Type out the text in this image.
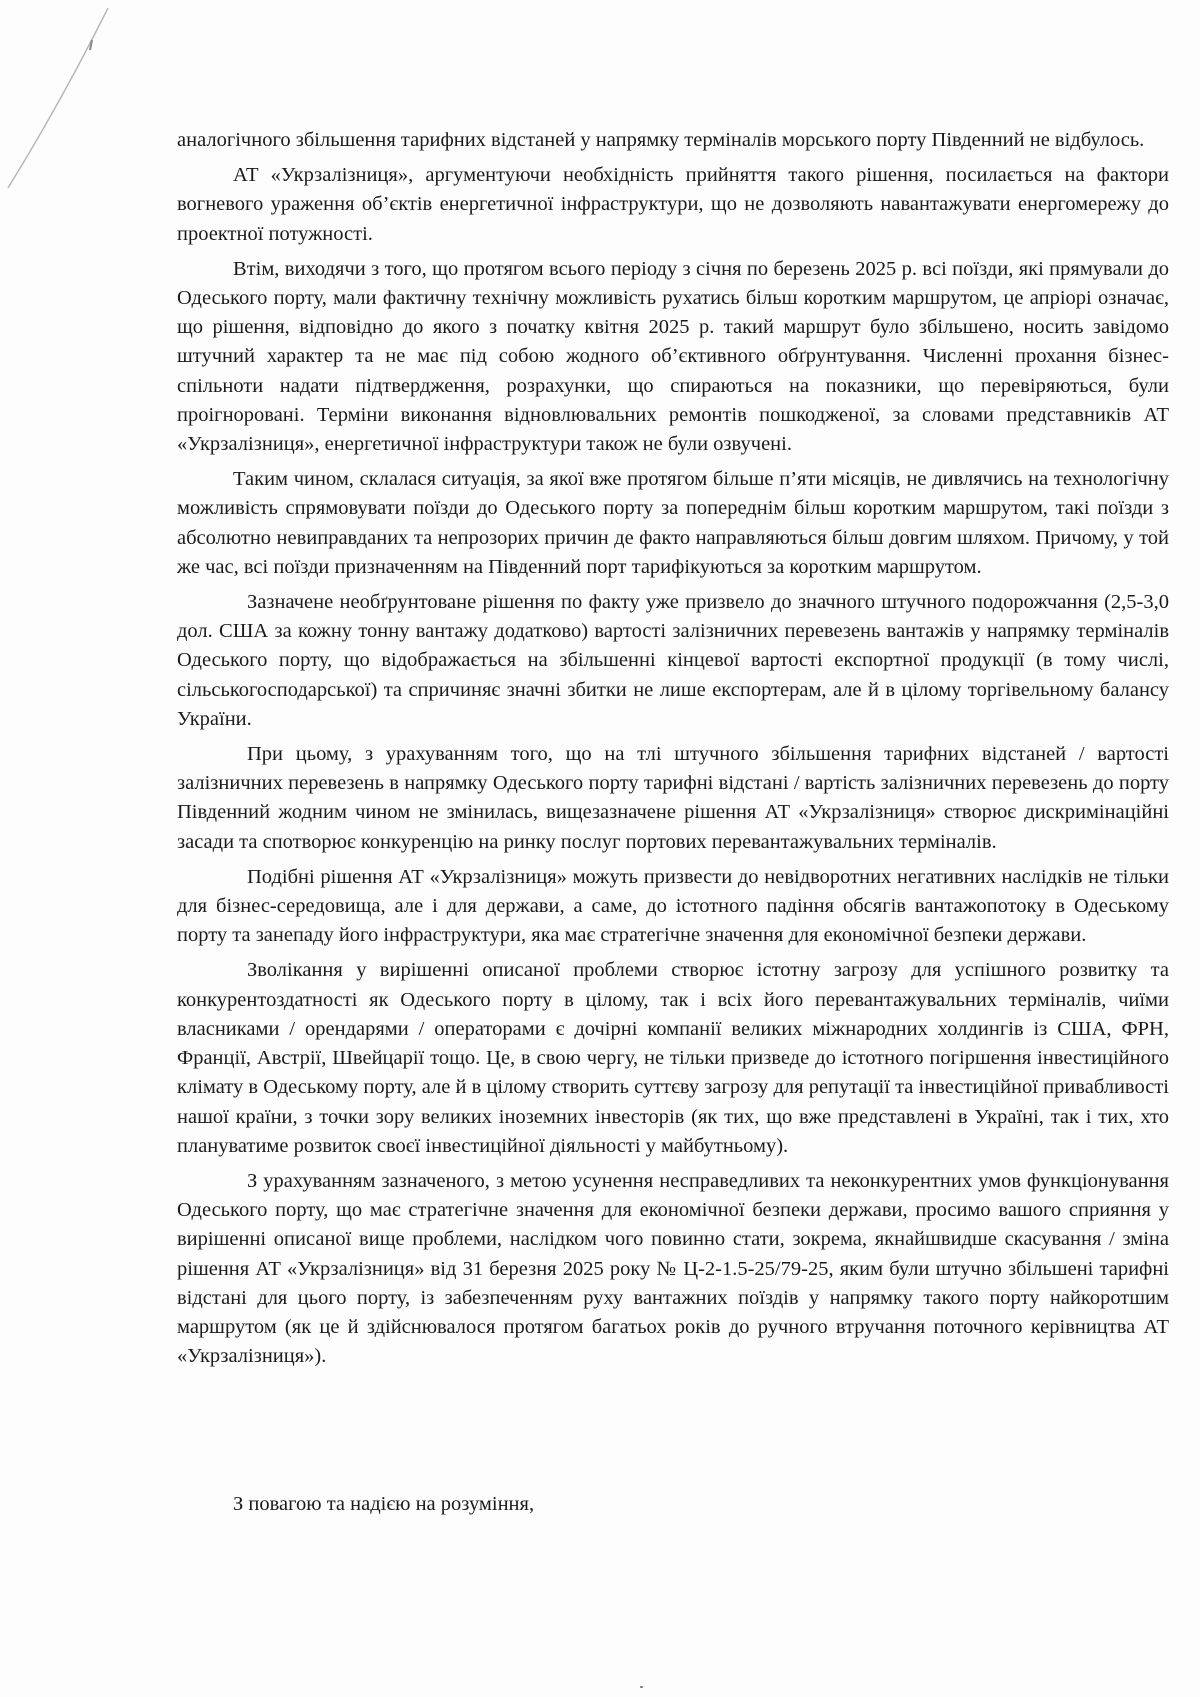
аналогічного збільшення тарифних відстаней у напрямку терміналів морського порту Південний не відбулось.

АТ «Укрзалізниця», аргументуючи необхідність прийняття такого рішення, посилається на фактори вогневого ураження об’єктів енергетичної інфраструктури, що не дозволяють навантажувати енергомережу до проектної потужності.

Втім, виходячи з того, що протягом всього періоду з січня по березень 2025 р. всі поїзди, які прямували до Одеського порту, мали фактичну технічну можливість рухатись більш коротким маршрутом, це апріорі означає, що рішення, відповідно до якого з початку квітня 2025 р. такий маршрут було збільшено, носить завідомо штучний характер та не має під собою жодного об’єктивного обґрунтування. Численні прохання бізнес-спільноти надати підтвердження, розрахунки, що спираються на показники, що перевіряються, були проігноровані. Терміни виконання відновлювальних ремонтів пошкодженої, за словами представників АТ «Укрзалізниця», енергетичної інфраструктури також не були озвучені.

Таким чином, склалася ситуація, за якої вже протягом більше п’яти місяців, не дивлячись на технологічну можливість спрямовувати поїзди до Одеського порту за попереднім більш коротким маршрутом, такі поїзди з абсолютно невиправданих та непрозорих причин де факто направляються більш довгим шляхом. Причому, у той же час, всі поїзди призначенням на Південний порт тарифікуються за коротким маршрутом.

Зазначене необґрунтоване рішення по факту уже призвело до значного штучного подорожчання (2,5-3,0 дол. США за кожну тонну вантажу додатково) вартості залізничних перевезень вантажів у напрямку терміналів Одеського порту, що відображається на збільшенні кінцевої вартості експортної продукції (в тому числі, сільськогосподарської) та спричиняє значні збитки не лише експортерам, але й в цілому торгівельному балансу України.

При цьому, з урахуванням того, що на тлі штучного збільшення тарифних відстаней / вартості залізничних перевезень в напрямку Одеського порту тарифні відстані / вартість залізничних перевезень до порту Південний жодним чином не змінилась, вищезазначене рішення АТ «Укрзалізниця» створює дискримінаційні засади та спотворює конкуренцію на ринку послуг портових перевантажувальних терміналів.

Подібні рішення АТ «Укрзалізниця» можуть призвести до невідворотних негативних наслідків не тільки для бізнес-середовища, але і для держави, а саме, до істотного падіння обсягів вантажопотоку в Одеському порту та занепаду його інфраструктури, яка має стратегічне значення для економічної безпеки держави.

Зволікання у вирішенні описаної проблеми створює істотну загрозу для успішного розвитку та конкурентоздатності як Одеського порту в цілому, так і всіх його перевантажувальних терміналів, чиїми власниками / орендарями / операторами є дочірні компанії великих міжнародних холдингів із США, ФРН, Франції, Австрії, Швейцарії тощо. Це, в свою чергу, не тільки призведе до істотного погіршення інвестиційного клімату в Одеському порту, але й в цілому створить суттєву загрозу для репутації та інвестиційної привабливості нашої країни, з точки зору великих іноземних інвесторів (як тих, що вже представлені в Україні, так і тих, хто плануватиме розвиток своєї інвестиційної діяльності у майбутньому).

З урахуванням зазначеного, з метою усунення несправедливих та неконкурентних умов функціонування Одеського порту, що має стратегічне значення для економічної безпеки держави, просимо вашого сприяння у вирішенні описаної вище проблеми, наслідком чого повинно стати, зокрема, якнайшвидше скасування / зміна рішення АТ «Укрзалізниця» від 31 березня 2025 року № Ц-2-1.5-25/79-25, яким були штучно збільшені тарифні відстані для цього порту, із забезпеченням руху вантажних поїздів у напрямку такого порту найкоротшим маршрутом (як це й здійснювалося протягом багатьох років до ручного втручання поточного керівництва АТ «Укрзалізниця»).

З повагою та надією на розуміння,
